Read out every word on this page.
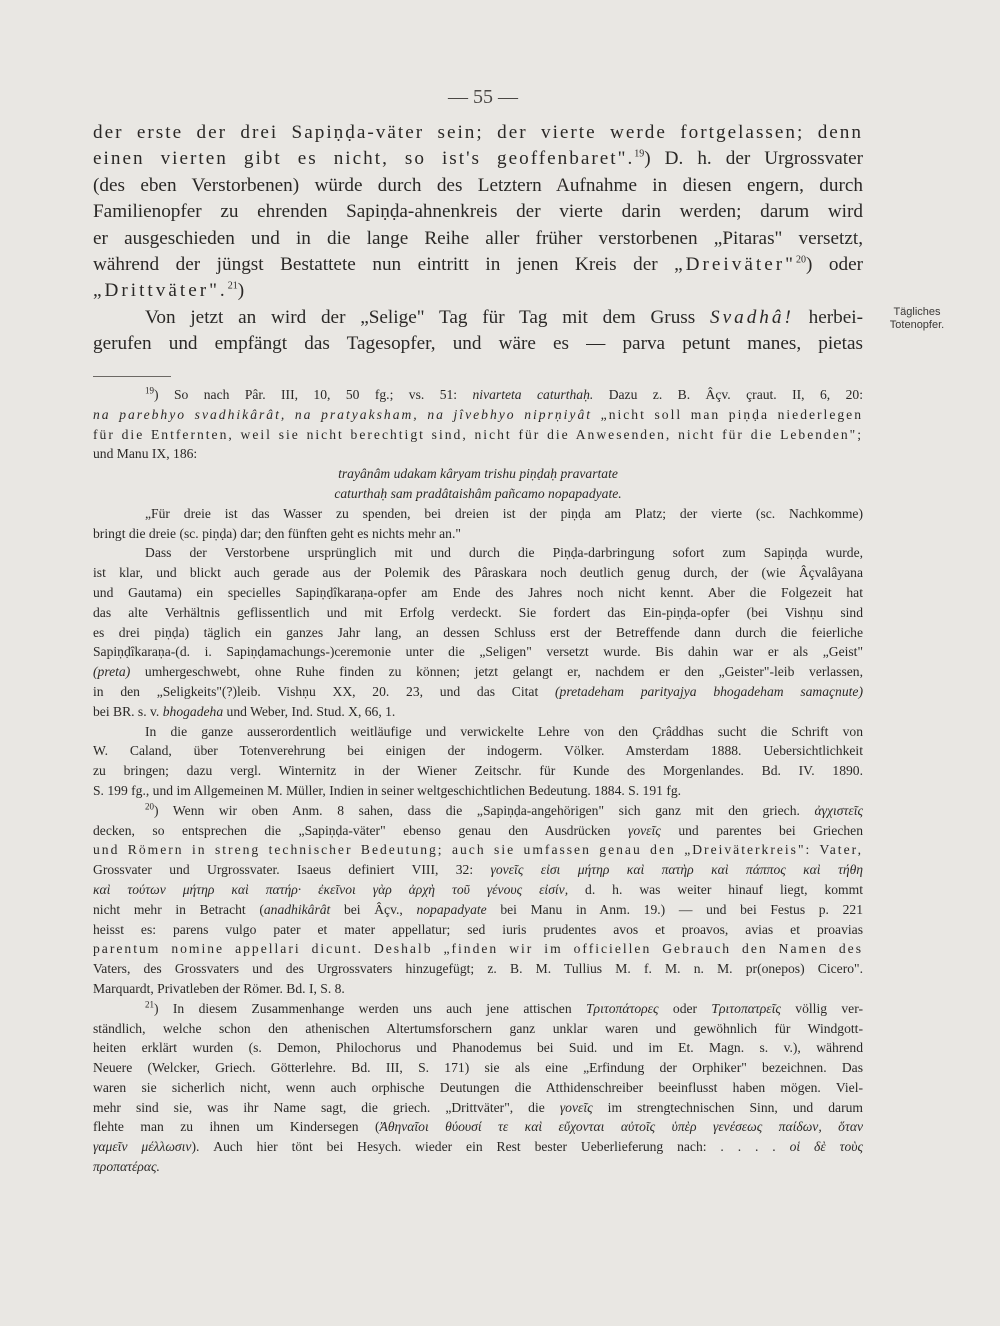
— 55 —

der erste der drei Sapiṇḍa-väter sein; der vierte werde fortgelassen; denn

einen vierten gibt es nicht, so ist's geoffenbaret".$^{19}$) D. h. der Urgrossvater

(des eben Verstorbenen) würde durch des Letztern Aufnahme in diesen engern, durch

Familienopfer zu ehrenden Sapiṇḍa-ahnenkreis der vierte darin werden; darum wird

er ausgeschieden und in die lange Reihe aller früher verstorbenen „Pitaras" versetzt,

während der jüngst Bestattete nun eintritt in jenen Kreis der „Dreiväter"$^{20}$) oder

„Drittväter".$^{21}$)

Von jetzt an wird der „Selige" Tag für Tag mit dem Gruss Svadhâ! herbei-

gerufen und empfängt das Tagesopfer, und wäre es — parva petunt manes, pietas

Tägliches
Totenopfer.

$^{19}$) So nach Pâr. III, 10, 50 fg.; vs. 51: nivarteta caturthaḥ. Dazu z. B. Âçv. çraut. II, 6, 20:

na parebhyo svadhikârât, na pratyaksham, na jîvebhyo niprṇiyât „nicht soll man piṇḍa niederlegen

für die Entfernten, weil sie nicht berechtigt sind, nicht für die Anwesenden, nicht für die Lebenden";

und Manu IX, 186:

trayânâm udakam kâryam trishu piṇḍaḥ pravartate

caturthaḥ sam pradâtaishâm pañcamo nopapadyate.

„Für dreie ist das Wasser zu spenden, bei dreien ist der piṇḍa am Platz; der vierte (sc. Nachkomme)

bringt die dreie (sc. piṇḍa) dar; den fünften geht es nichts mehr an."

Dass der Verstorbene ursprünglich mit und durch die Piṇḍa-darbringung sofort zum Sapiṇḍa wurde,

ist klar, und blickt auch gerade aus der Polemik des Pâraskara noch deutlich genug durch, der (wie Âçvalâyana

und Gautama) ein specielles Sapiṇḍîkaraṇa-opfer am Ende des Jahres noch nicht kennt. Aber die Folgezeit hat

das alte Verhältnis geflissentlich und mit Erfolg verdeckt. Sie fordert das Ein-piṇḍa-opfer (bei Vishṇu sind

es drei piṇḍa) täglich ein ganzes Jahr lang, an dessen Schluss erst der Betreffende dann durch die feierliche

Sapiṇḍîkaraṇa-(d. i. Sapiṇḍamachungs-)ceremonie unter die „Seligen" versetzt wurde. Bis dahin war er als „Geist"

(preta) umhergeschwebt, ohne Ruhe finden zu können; jetzt gelangt er, nachdem er den „Geister"-leib verlassen,

in den „Seligkeits"(?)leib. Vishṇu XX, 20. 23, und das Citat (pretadeham parityajya bhogadeham samaçnute)

bei BR. s. v. bhogadeha und Weber, Ind. Stud. X, 66, 1.

In die ganze ausserordentlich weitläufige und verwickelte Lehre von den Çrâddhas sucht die Schrift von

W. Caland, über Totenverehrung bei einigen der indogerm. Völker. Amsterdam 1888. Uebersichtlichkeit

zu bringen; dazu vergl. Winternitz in der Wiener Zeitschr. für Kunde des Morgenlandes. Bd. IV. 1890.

S. 199 fg., und im Allgemeinen M. Müller, Indien in seiner weltgeschichtlichen Bedeutung. 1884. S. 191 fg.

$^{20}$) Wenn wir oben Anm. 8 sahen, dass die „Sapiṇḍa-angehörigen" sich ganz mit den griech. ἀγχιστεῖς

decken, so entsprechen die „Sapiṇḍa-väter" ebenso genau den Ausdrücken γονεῖς und parentes bei Griechen

und Römern in streng technischer Bedeutung; auch sie umfassen genau den „Dreiväterkreis": Vater,

Grossvater und Urgrossvater. Isaeus definiert VIII, 32: γονεῖς εἰσι μήτηρ καὶ πατὴρ καὶ πάππος καὶ τήθη

καὶ τούτων μήτηρ καὶ πατήρ· ἐκεῖνοι γὰρ ἀρχὴ τοῦ γένους εἰσίν, d. h. was weiter hinauf liegt, kommt

nicht mehr in Betracht (anadhikârât bei Âçv., nopapadyate bei Manu in Anm. 19.) — und bei Festus p. 221

heisst es: parens vulgo pater et mater appellatur; sed iuris prudentes avos et proavos, avias et proavias

parentum nomine appellari dicunt. Deshalb „finden wir im officiellen Gebrauch den Namen des

Vaters, des Grossvaters und des Urgrossvaters hinzugefügt; z. B. M. Tullius M. f. M. n. M. pr(onepos) Cicero".

Marquardt, Privatleben der Römer. Bd. I, S. 8.

$^{21}$) In diesem Zusammenhange werden uns auch jene attischen Τριτοπάτορες oder Τριτοπατρεῖς völlig ver-

ständlich, welche schon den athenischen Altertumsforschern ganz unklar waren und gewöhnlich für Windgott-

heiten erklärt wurden (s. Demon, Philochorus und Phanodemus bei Suid. und im Et. Magn. s. v.), während

Neuere (Welcker, Griech. Götterlehre. Bd. III, S. 171) sie als eine „Erfindung der Orphiker" bezeichnen. Das

waren sie sicherlich nicht, wenn auch orphische Deutungen die Atthidenschreiber beeinflusst haben mögen. Viel-

mehr sind sie, was ihr Name sagt, die griech. „Drittväter", die γονεῖς im strengtechnischen Sinn, und darum

flehte man zu ihnen um Kindersegen (Ἀθηναῖοι θύουσί τε καὶ εὔχονται αὐτοῖς ὑπὲρ γενέσεως παίδων, ὅταν

γαμεῖν μέλλωσιν). Auch hier tönt bei Hesych. wieder ein Rest bester Ueberlieferung nach: . . . . οἱ δὲ τοὺς

προπατέρας.
